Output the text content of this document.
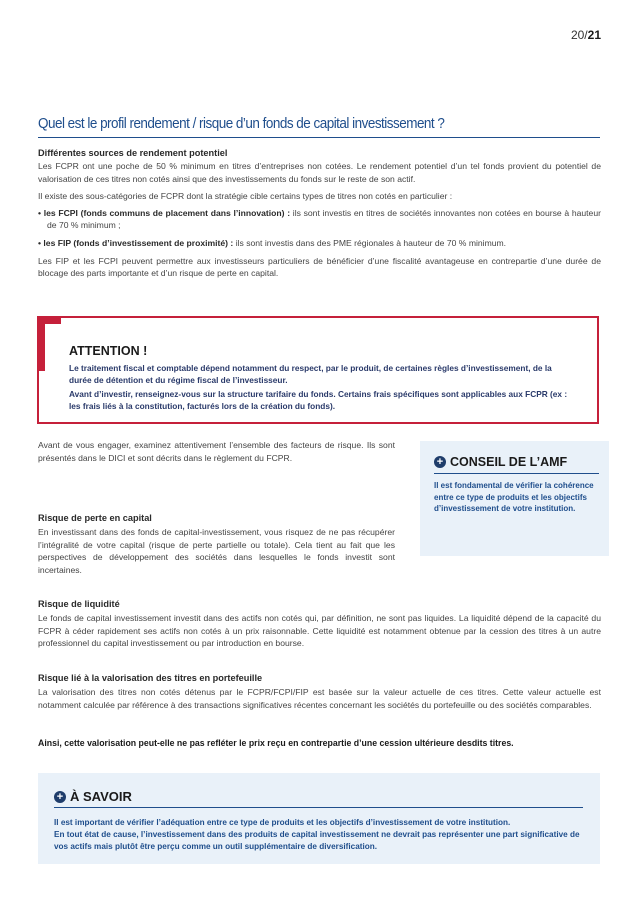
20/21
Quel est le profil rendement / risque d’un fonds de capital investissement ?
Différentes sources de rendement potentiel
Les FCPR ont une poche de 50 % minimum en titres d’entreprises non cotées. Le rendement potentiel d’un tel fonds provient du potentiel de valorisation de ces titres non cotés ainsi que des investissements du fonds sur le reste de son actif.
Il existe des sous-catégories de FCPR dont la stratégie cible certains types de titres non cotés en particulier :
• les FCPI (fonds communs de placement dans l’innovation) : ils sont investis en titres de sociétés innovantes non cotées en bourse à hauteur de 70 % minimum ;
• les FIP (fonds d’investissement de proximité) : ils sont investis dans des PME régionales à hauteur de 70 % minimum.
Les FIP et les FCPI peuvent permettre aux investisseurs particuliers de bénéficier d’une fiscalité avantageuse en contrepartie d’une durée de blocage des parts importante et d’un risque de perte en capital.
ATTENTION !

Le traitement fiscal et comptable dépend notamment du respect, par le produit, de certaines règles d’investissement, de la durée de détention et du régime fiscal de l’investisseur.

Avant d’investir, renseignez-vous sur la structure tarifaire du fonds. Certains frais spécifiques sont applicables aux FCPR (ex : les frais liés à la constitution, facturés lors de la création du fonds).

Avant de vous engager, examinez attentivement l’ensemble des facteurs de risque. Ils sont présentés dans le DICI et sont décrits dans le règlement du FCPR.	+ CONSEIL DE L’AMF
Il est fondamental de vérifier la cohérence entre ce type de produits et les objectifs d’investissement de votre institution.
Risque de perte en capital
En investissant dans des fonds de capital-investissement, vous risquez de ne pas récupérer l’intégralité de votre capital (risque de perte partielle ou totale). Cela tient au fait que les perspectives de développement des sociétés dans lesquelles le fonds investit sont incertaines.
Risque de liquidité
Le fonds de capital investissement investit dans des actifs non cotés qui, par définition, ne sont pas liquides. La liquidité dépend de la capacité du FCPR à céder rapidement ses actifs non cotés à un prix raisonnable. Cette liquidité est notamment obtenue par la cession des titres à un autre professionnel du capital investissement ou par introduction en bourse.
Risque lié à la valorisation des titres en portefeuille
La valorisation des titres non cotés détenus par le FCPR/FCPI/FIP est basée sur la valeur actuelle de ces titres. Cette valeur actuelle est notamment calculée par référence à des transactions significatives récentes concernant les sociétés du portefeuille ou des sociétés comparables.
Ainsi, cette valorisation peut-elle ne pas refléter le prix reçu en contrepartie d’une cession ultérieure desdits titres.
+ À SAVOIR

Il est important de vérifier l’adéquation entre ce type de produits et les objectifs d’investissement de votre institution.

En tout état de cause, l’investissement dans des produits de capital investissement ne devrait pas représenter une part significative de vos actifs mais plutôt être perçu comme un outil supplémentaire de diversification.
